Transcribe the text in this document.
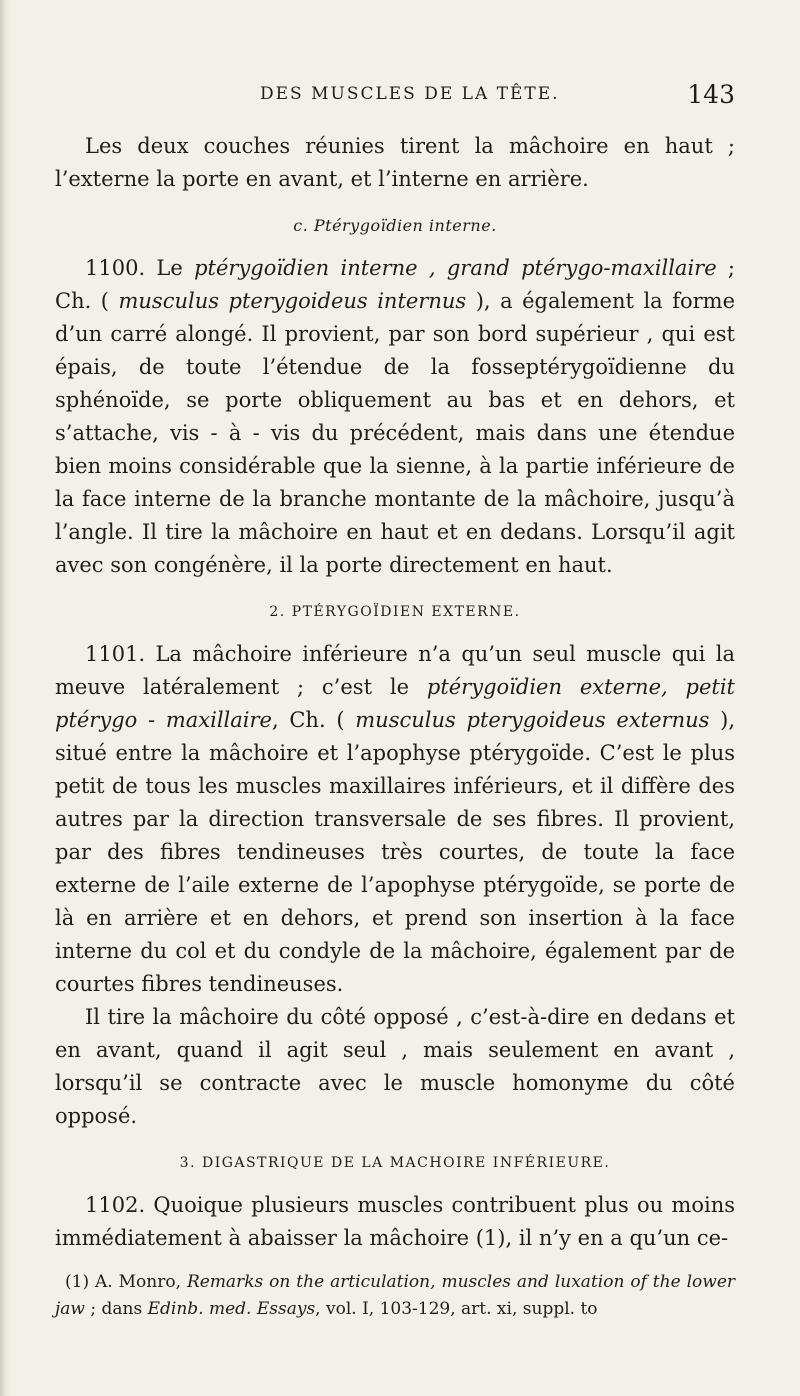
DES MUSCLES DE LA TÊTE.	143

Les deux couches réunies tirent la mâchoire en haut ; l’externe la porte en avant, et l’interne en arrière.

c. Ptérygoïdien interne.

1100. Le ptérygoïdien interne , grand ptérygo-maxillaire ; Ch. ( musculus pterygoideus internus ), a également la forme d’un carré alongé. Il provient, par son bord supérieur , qui est épais, de toute l’étendue de la fosseptérygoïdienne du sphénoïde, se porte obliquement au bas et en dehors, et s’attache, vis - à - vis du précédent, mais dans une étendue bien moins considérable que la sienne, à la partie inférieure de la face interne de la branche montante de la mâchoire, jusqu’à l’angle. Il tire la mâchoire en haut et en dedans. Lorsqu’il agit avec son congénère, il la porte directement en haut.

2. PTÉRYGOÏDIEN EXTERNE.

1101. La mâchoire inférieure n’a qu’un seul muscle qui la meuve latéralement ; c’est le ptérygoïdien externe, petit ptérygo - maxillaire, Ch. ( musculus pterygoideus externus ), situé entre la mâchoire et l’apophyse ptérygoïde. C’est le plus petit de tous les muscles maxillaires inférieurs, et il diffère des autres par la direction transversale de ses fibres. Il provient, par des fibres tendineuses très courtes, de toute la face externe de l’aile externe de l’apophyse ptérygoïde, se porte de là en arrière et en dehors, et prend son insertion à la face interne du col et du condyle de la mâchoire, également par de courtes fibres tendineuses.

Il tire la mâchoire du côté opposé , c’est-à-dire en dedans et en avant, quand il agit seul , mais seulement en avant , lorsqu’il se contracte avec le muscle homonyme du côté opposé.

3. DIGASTRIQUE DE LA MACHOIRE INFÉRIEURE.

1102. Quoique plusieurs muscles contribuent plus ou moins immédiatement à abaisser la mâchoire (1), il n’y en a qu’un ce-

(1) A. Monro, Remarks on the articulation, muscles and luxation of the lower jaw ; dans Edinb. med. Essays, vol. I, 103-129, art. xi, suppl. to
